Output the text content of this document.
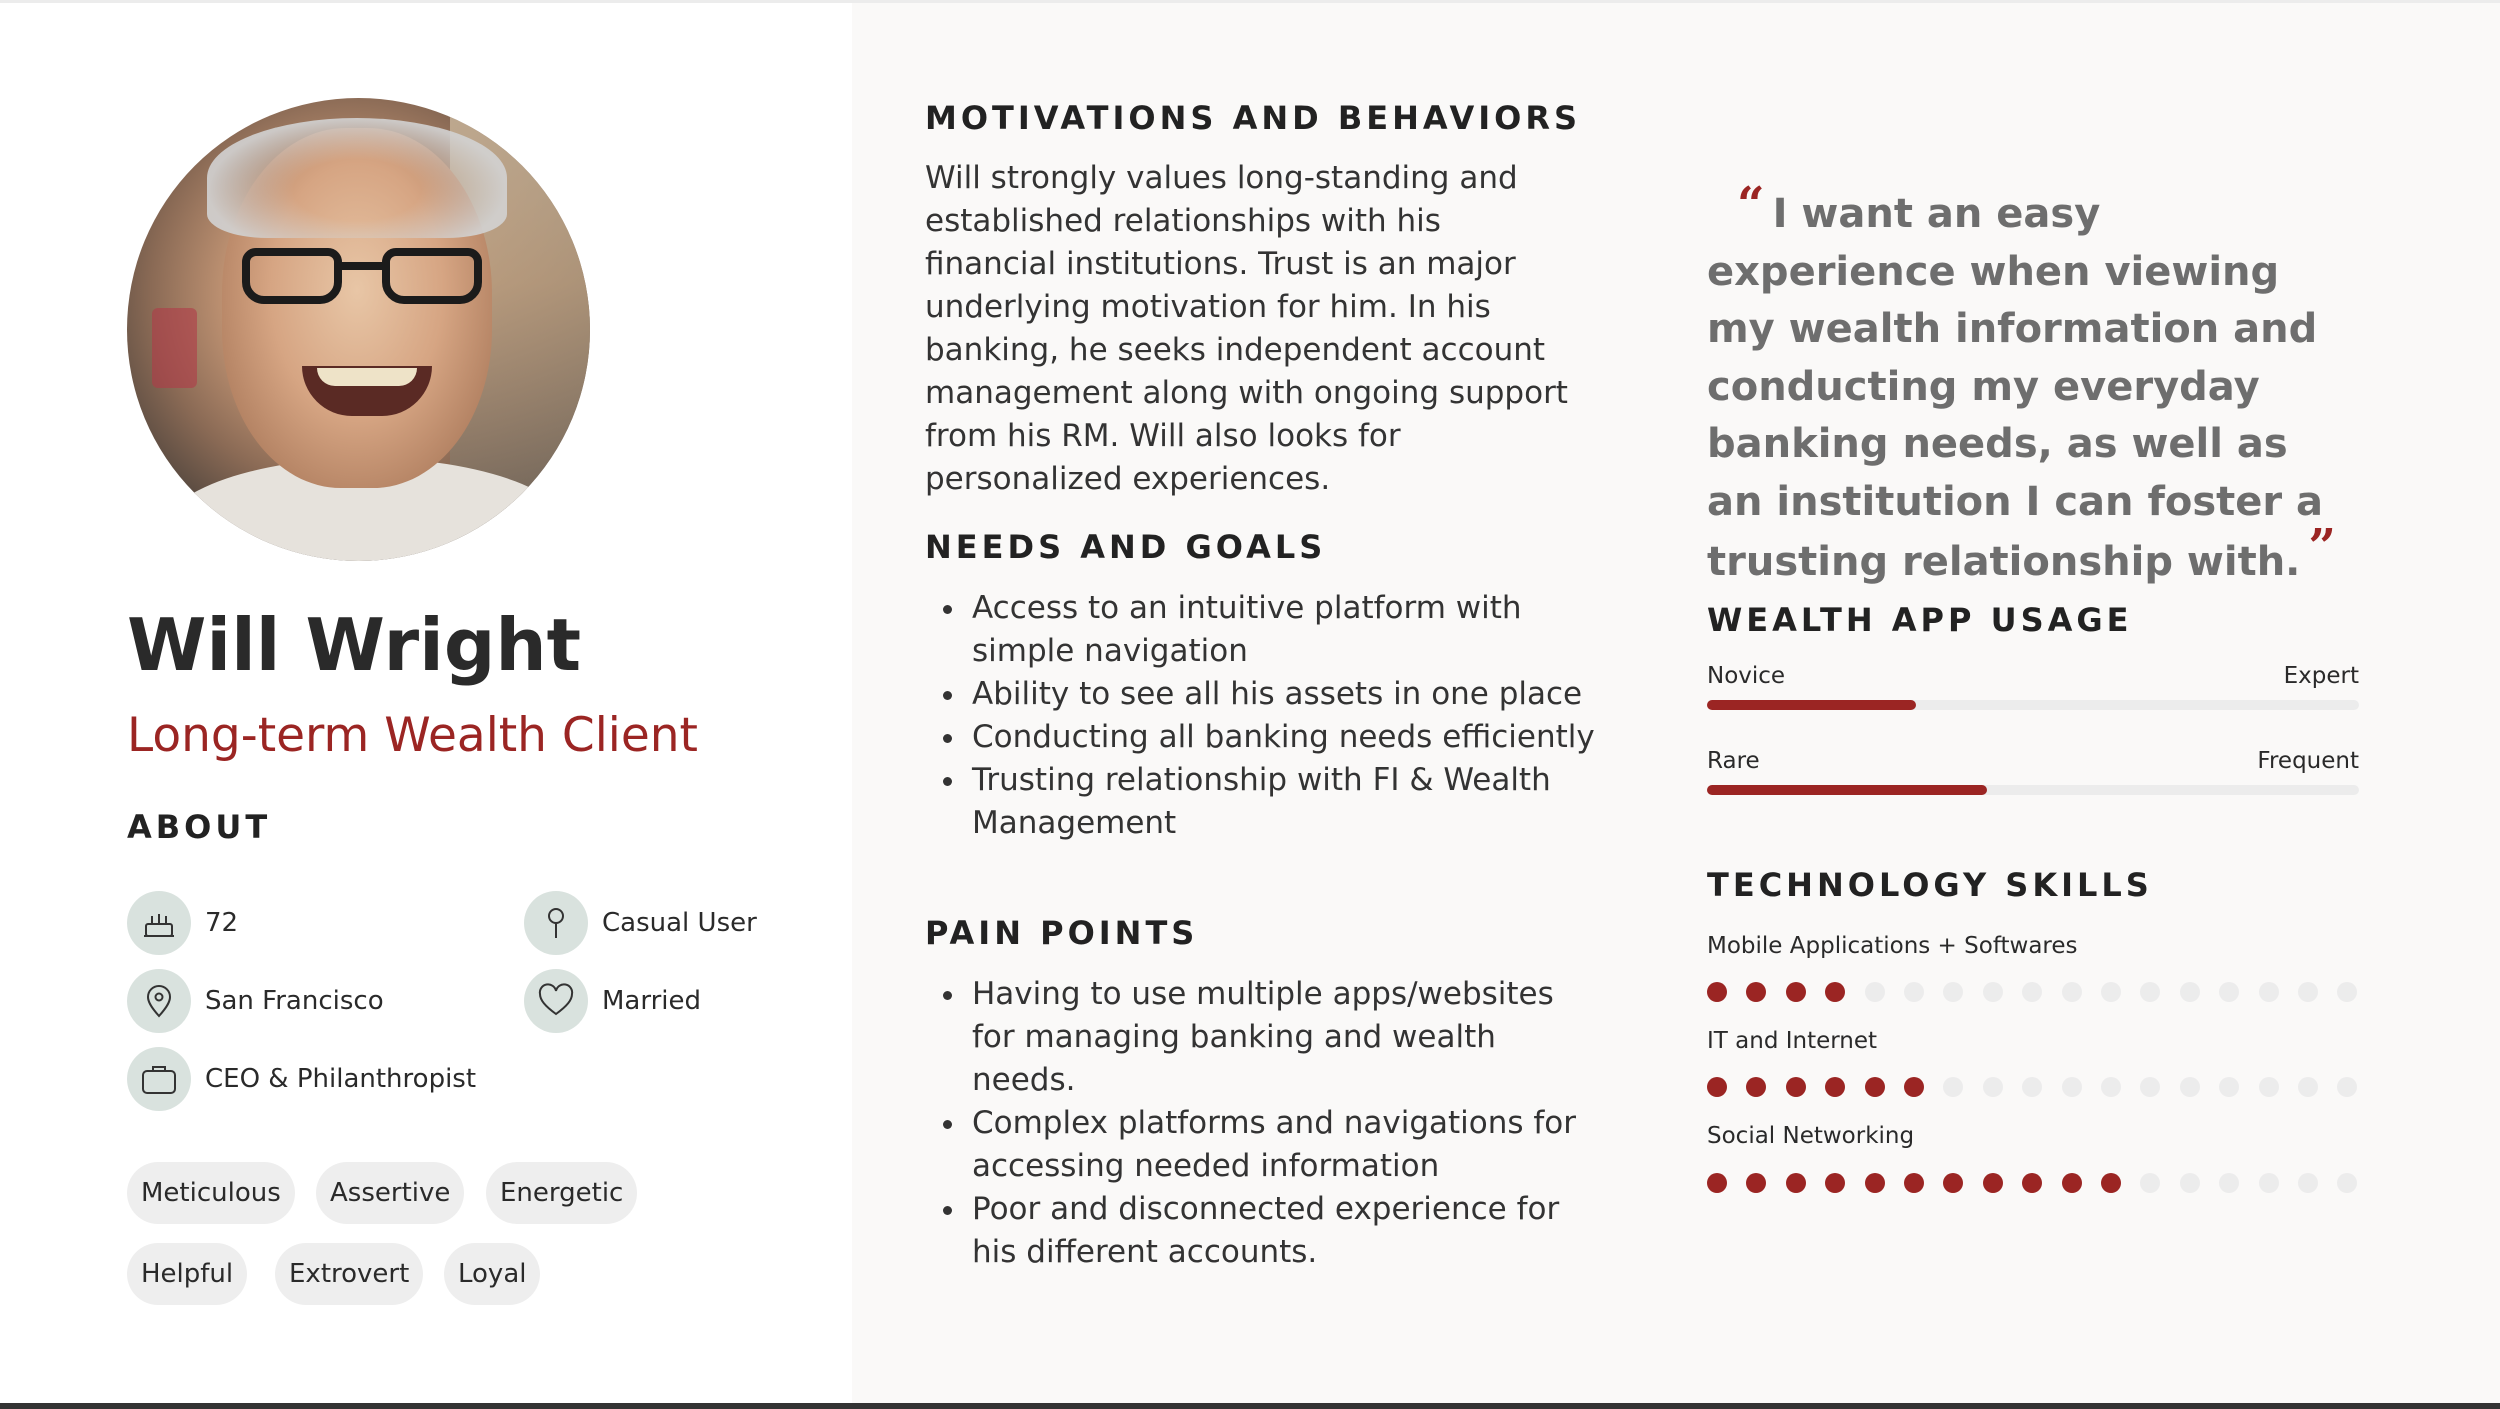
Will Wright
Long-term Wealth Client
ABOUT
72	Casual User
San Francisco	Married
CEO & Philanthropist
Meticulous	Assertive	Energetic
Helpful	Extrovert	Loyal
MOTIVATIONS AND BEHAVIORS

Will strongly values long-standing and established relationships with his financial institutions. Trust is an major underlying motivation for him. In his banking, he seeks independent account management along with ongoing support from his RM. Will also looks for personalized experiences.

NEEDS AND GOALS
Access to an intuitive platform with simple navigation
Ability to see all his assets in one place
Conducting all banking needs efficiently
Trusting relationship with FI & Wealth Management
PAIN POINTS
Having to use multiple apps/websites for managing banking and wealth needs.
Complex platforms and navigations for accessing needed information
Poor and disconnected experience for his different accounts.
“ I want an easy experience when viewing my wealth information and conducting my everyday banking needs, as well as an institution I can foster a trusting relationship with. ”
WEALTH APP USAGE
Novice	Expert
Rare	Frequent
TECHNOLOGY SKILLS
Mobile Applications + Softwares
IT and Internet
Social Networking
